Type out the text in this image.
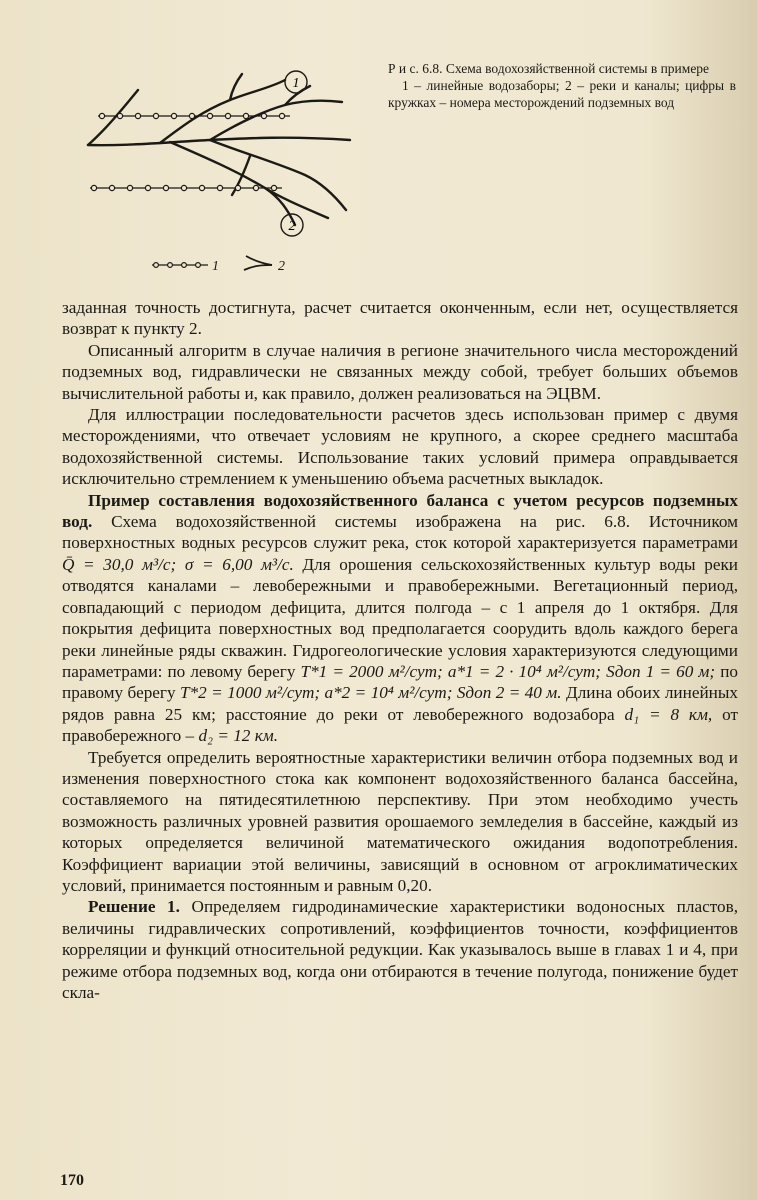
1
2
1	2

Р и с. 6.8. Схема водохозяйственной системы в примере

1 – линейные водозаборы; 2 – реки и каналы; цифры в кружках – номера месторождений подземных вод

заданная точность достигнута, расчет считается оконченным, если нет, осуществляется возврат к пункту 2.

Описанный алгоритм в случае наличия в регионе значительного числа месторождений подземных вод, гидравлически не связанных между собой, требует больших объемов вычислительной работы и, как правило, должен реализоваться на ЭЦВМ.

Для иллюстрации последовательности расчетов здесь использован пример с двумя месторождениями, что отвечает условиям не крупного, а скорее среднего масштаба водохозяйственной системы. Использование таких условий примера оправдывается исключительно стремлением к уменьшению объема расчетных выкладок.

Пример составления водохозяйственного баланса с учетом ресурсов подземных вод. Схема водохозяйственной системы изображена на рис. 6.8. Источником поверхностных водных ресурсов служит река, сток которой характеризуется параметрами Q̄ = 30,0 м³/с; σ = 6,00 м³/с. Для орошения сельскохозяйственных культур воды реки отводятся каналами – левобережными и правобережными. Вегетационный период, совпадающий с периодом дефицита, длится полгода – с 1 апреля до 1 октября. Для покрытия дефицита поверхностных вод предполагается соорудить вдоль каждого берега реки линейные ряды скважин. Гидрогеологические условия характеризуются следующими параметрами: по левому берегу T*1 = 2000 м²/сут; a*1 = 2 · 10⁴ м²/сут; Sдоп 1 = 60 м; по правому берегу T*2 = 1000 м²/сут; a*2 = 10⁴ м²/сут; Sдоп 2 = 40 м. Длина обоих линейных рядов равна 25 км; расстояние до реки от левобережного водозабора d₁ = 8 км, от правобережного – d₂ = 12 км.

Требуется определить вероятностные характеристики величин отбора подземных вод и изменения поверхностного стока как компонент водохозяйственного баланса бассейна, составляемого на пятидесятилетнюю перспективу. При этом необходимо учесть возможность различных уровней развития орошаемого земледелия в бассейне, каждый из которых определяется величиной математического ожидания водопотребления. Коэффициент вариации этой величины, зависящий в основном от агроклиматических условий, принимается постоянным и равным 0,20.

Решение 1. Определяем гидродинамические характеристики водоносных пластов, величины гидравлических сопротивлений, коэффициентов точности, коэффициентов корреляции и функций относительной редукции. Как указывалось выше в главах 1 и 4, при режиме отбора подземных вод, когда они отбираются в течение полугода, понижение будет скла-

170
